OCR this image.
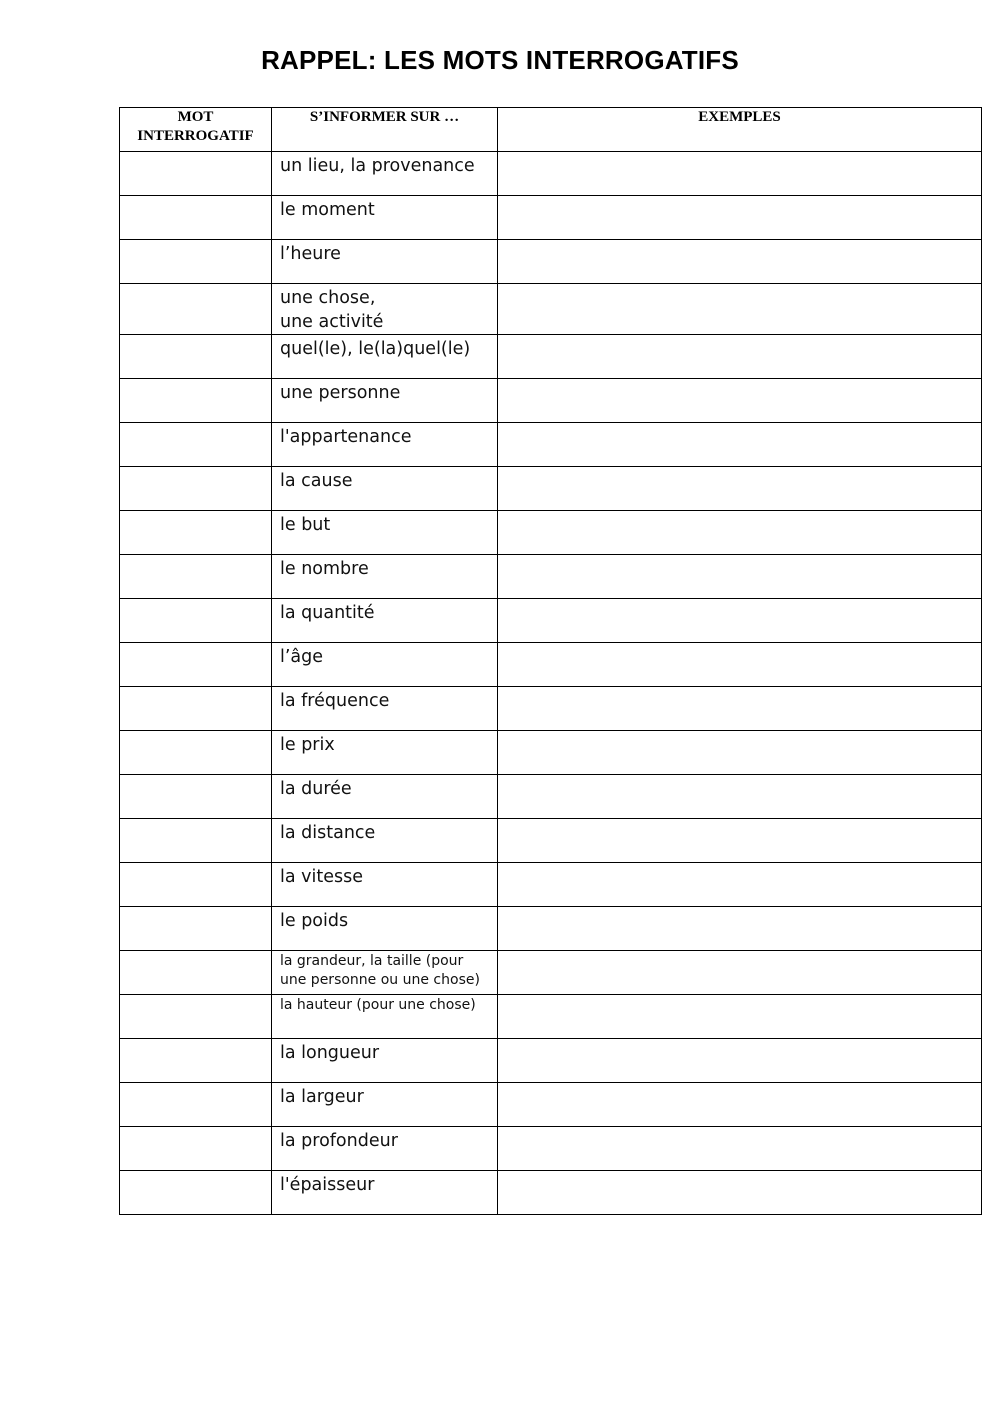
RAPPEL: LES MOTS INTERROGATIFS
MOT INTERROGATIF	S’INFORMER SUR …	EXEMPLES

	un lieu, la provenance	

	le moment	

	l’heure	

	une chose,
une activité	

	quel(le), le(la)quel(le)	

	une personne	

	l'appartenance	

	la cause	

	le but	

	le nombre	

	la quantité	

	l’âge	

	la fréquence	

	le prix	

	la durée	

	la distance	

	la vitesse	

	le poids	

	la grandeur, la taille (pour une personne ou une chose)	

	la hauteur (pour une chose)	

	la longueur	

	la largeur	

	la profondeur	

	l'épaisseur	
